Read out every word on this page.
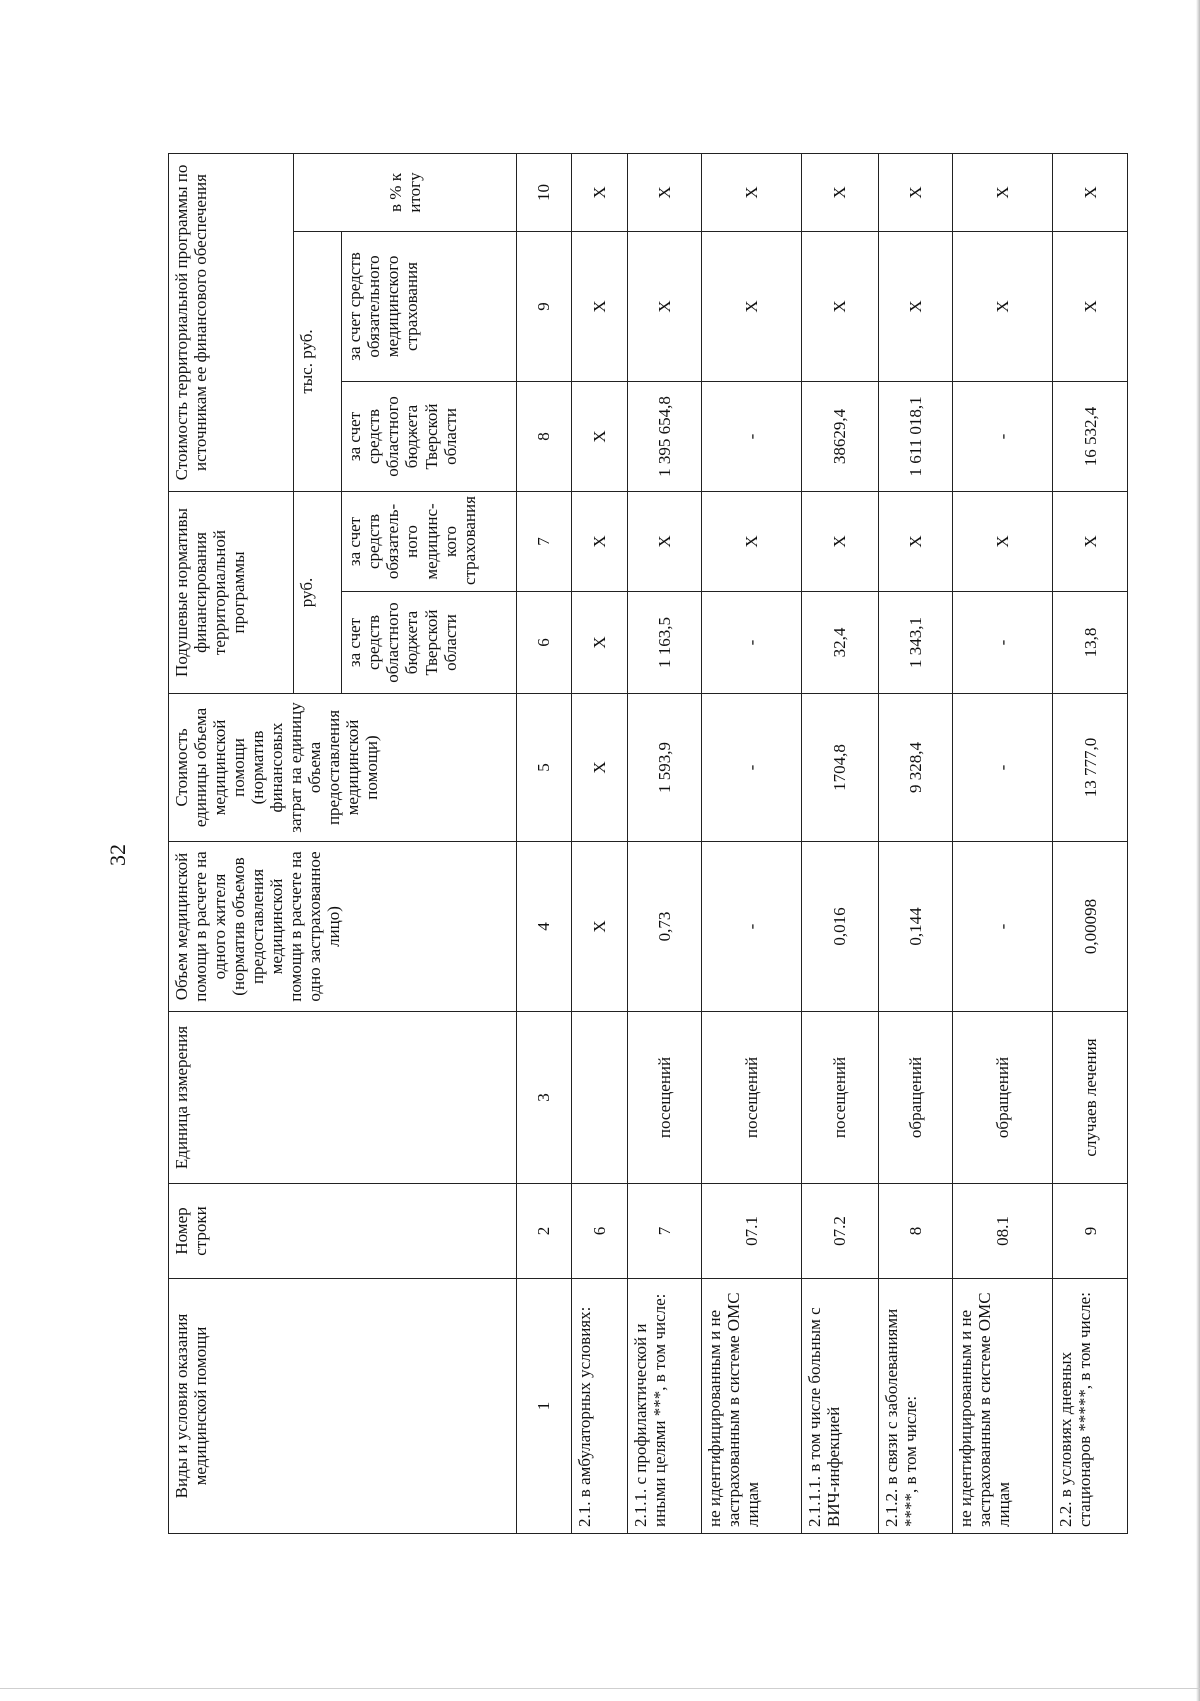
32
Виды и условия оказания медицинской помощи	Номер строки	Единица измерения	Объем медицинской помощи в расчете на одного жителя (норматив объемов предоставления медицинской помощи в расчете на одно застрахованное лицо)	Стоимость единицы объема медицинской помощи (норматив финансовых затрат на единицу объема предоставления медицинской помощи)	Подушевые нормативы финансирования территориальной программы		Стоимость территориальной программы по источникам ее финансового обеспечения		
					руб.		тыс. руб.		в % к итогу
					за счет средств областного бюджета Тверской области	за счет средств обязатель-ного медицинс-кого страхования	за счет средств областного бюджета Тверской области	за счет средств обязательного медицинского страхования	
1	2	3	4	5	6	7	8	9	10
2.1. в амбулаторных условиях:	6		X	X	X	X	X	X	X
2.1.1. с профилактической и иными целями ***, в том числе:	7	посещений	0,73	1 593,9	1 163,5	X	1 395 654,8	X	X
не идентифицированным и не застрахованным в системе ОМС лицам	07.1	посещений	-	-	-	X	-	X	X
2.1.1.1. в том числе больным с ВИЧ-инфекцией	07.2	посещений	0,016	1704,8	32,4	X	38629,4	X	X
2.1.2. в связи с заболеваниями ****, в том числе:	8	обращений	0,144	9 328,4	1 343,1	X	1 611 018,1	X	X
не идентифицированным и не застрахованным в системе ОМС лицам	08.1	обращений	-	-	-	X	-	X	X
2.2. в условиях дневных стационаров *****, в том числе:	9	случаев лечения	0,00098	13 777,0	13,8	X	16 532,4	X	X
